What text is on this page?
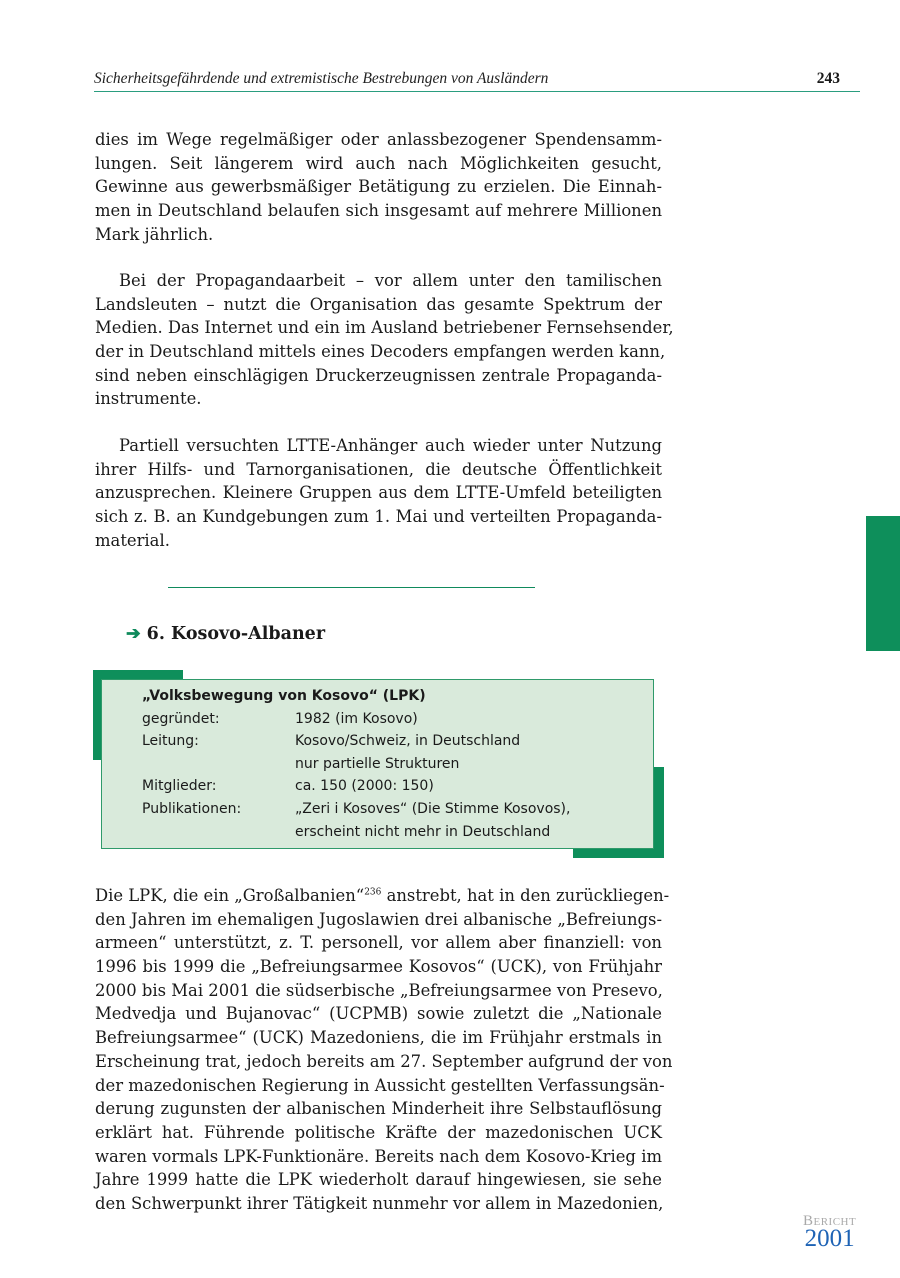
Sicherheitsgefährdende und extremistische Bestrebungen von Ausländern	243
dies im Wege regelmäßiger oder anlassbezogener Spendensamm-
lungen. Seit längerem wird auch nach Möglichkeiten gesucht,
Gewinne aus gewerbsmäßiger Betätigung zu erzielen. Die Einnah-
men in Deutschland belaufen sich insgesamt auf mehrere Millionen
Mark jährlich.
Bei der Propagandaarbeit – vor allem unter den tamilischen
Landsleuten – nutzt die Organisation das gesamte Spektrum der
Medien. Das Internet und ein im Ausland betriebener Fernsehsender,
der in Deutschland mittels eines Decoders empfangen werden kann,
sind neben einschlägigen Druckerzeugnissen zentrale Propaganda-
instrumente.
Partiell versuchten LTTE-Anhänger auch wieder unter Nutzung
ihrer Hilfs- und Tarnorganisationen, die deutsche Öffentlichkeit
anzusprechen. Kleinere Gruppen aus dem LTTE-Umfeld beteiligten
sich z. B. an Kundgebungen zum 1. Mai und verteilten Propaganda-
material.
➔ 6. Kosovo-Albaner
„Volksbewegung von Kosovo“ (LPK)
gegründet:	1982 (im Kosovo)
Leitung:	Kosovo/Schweiz, in Deutschland
nur partielle Strukturen
Mitglieder:	ca. 150 (2000: 150)
Publikationen:	„Zeri i Kosoves“ (Die Stimme Kosovos),
erscheint nicht mehr in Deutschland
Die LPK, die ein „Großalbanien“$^{236}$ anstrebt, hat in den zurückliegen-
den Jahren im ehemaligen Jugoslawien drei albanische „Befreiungs-
armeen“ unterstützt, z. T. personell, vor allem aber finanziell: von
1996 bis 1999 die „Befreiungsarmee Kosovos“ (UCK), von Frühjahr
2000 bis Mai 2001 die südserbische „Befreiungsarmee von Presevo,
Medvedja und Bujanovac“ (UCPMB) sowie zuletzt die „Nationale
Befreiungsarmee“ (UCK) Mazedoniens, die im Frühjahr erstmals in
Erscheinung trat, jedoch bereits am 27. September aufgrund der von
der mazedonischen Regierung in Aussicht gestellten Verfassungsän-
derung zugunsten der albanischen Minderheit ihre Selbstauflösung
erklärt hat. Führende politische Kräfte der mazedonischen UCK
waren vormals LPK-Funktionäre. Bereits nach dem Kosovo-Krieg im
Jahre 1999 hatte die LPK wiederholt darauf hingewiesen, sie sehe
den Schwerpunkt ihrer Tätigkeit nunmehr vor allem in Mazedonien,
Bericht
2001
